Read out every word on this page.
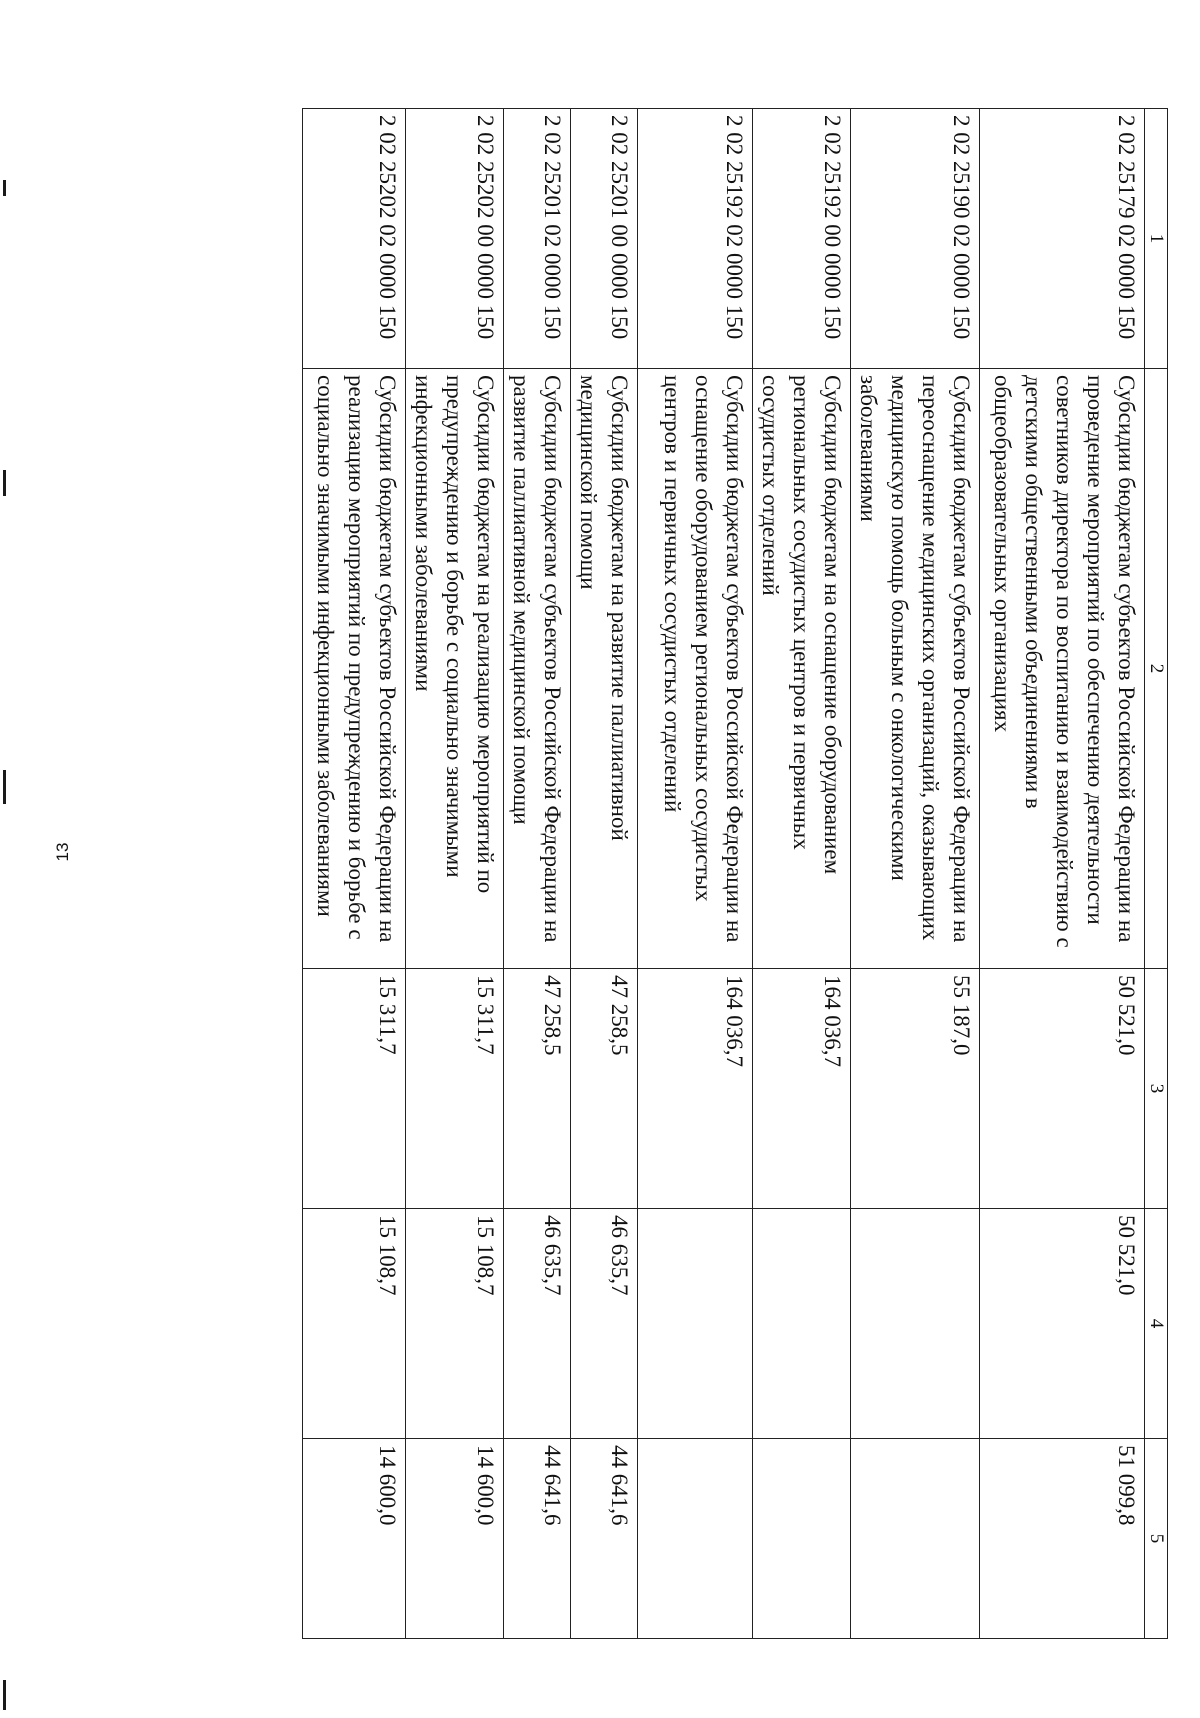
13
1	2	3	4	5
2 02 25179 02 0000 150	Субсидии бюджетам субъектов Российской Федерации на проведение мероприятий по обеспечению деятельности советников директора по воспитанию и взаимодействию с детскими общественными объединениями в общеобразовательных организациях	50 521,0	50 521,0	51 099,8
2 02 25190 02 0000 150	Субсидии бюджетам субъектов Российской Федерации на переоснащение медицинских организаций, оказывающих медицинскую помощь больным с онкологическими заболеваниями	55 187,0		
2 02 25192 00 0000 150	Субсидии бюджетам на оснащение оборудованием региональных сосудистых центров и первичных сосудистых отделений	164 036,7		
2 02 25192 02 0000 150	Субсидии бюджетам субъектов Российской Федерации на оснащение оборудованием региональных сосудистых центров и первичных сосудистых отделений	164 036,7		
2 02 25201 00 0000 150	Субсидии бюджетам на развитие паллиативной медицинской помощи	47 258,5	46 635,7	44 641,6
2 02 25201 02 0000 150	Субсидии бюджетам субъектов Российской Федерации на развитие паллиативной медицинской помощи	47 258,5	46 635,7	44 641,6
2 02 25202 00 0000 150	Субсидии бюджетам на реализацию мероприятий по предупреждению и борьбе с социально значимыми инфекционными заболеваниями	15 311,7	15 108,7	14 600,0
2 02 25202 02 0000 150	Субсидии бюджетам субъектов Российской Федерации на реализацию мероприятий по предупреждению и борьбе с социально значимыми инфекционными заболеваниями	15 311,7	15 108,7	14 600,0
